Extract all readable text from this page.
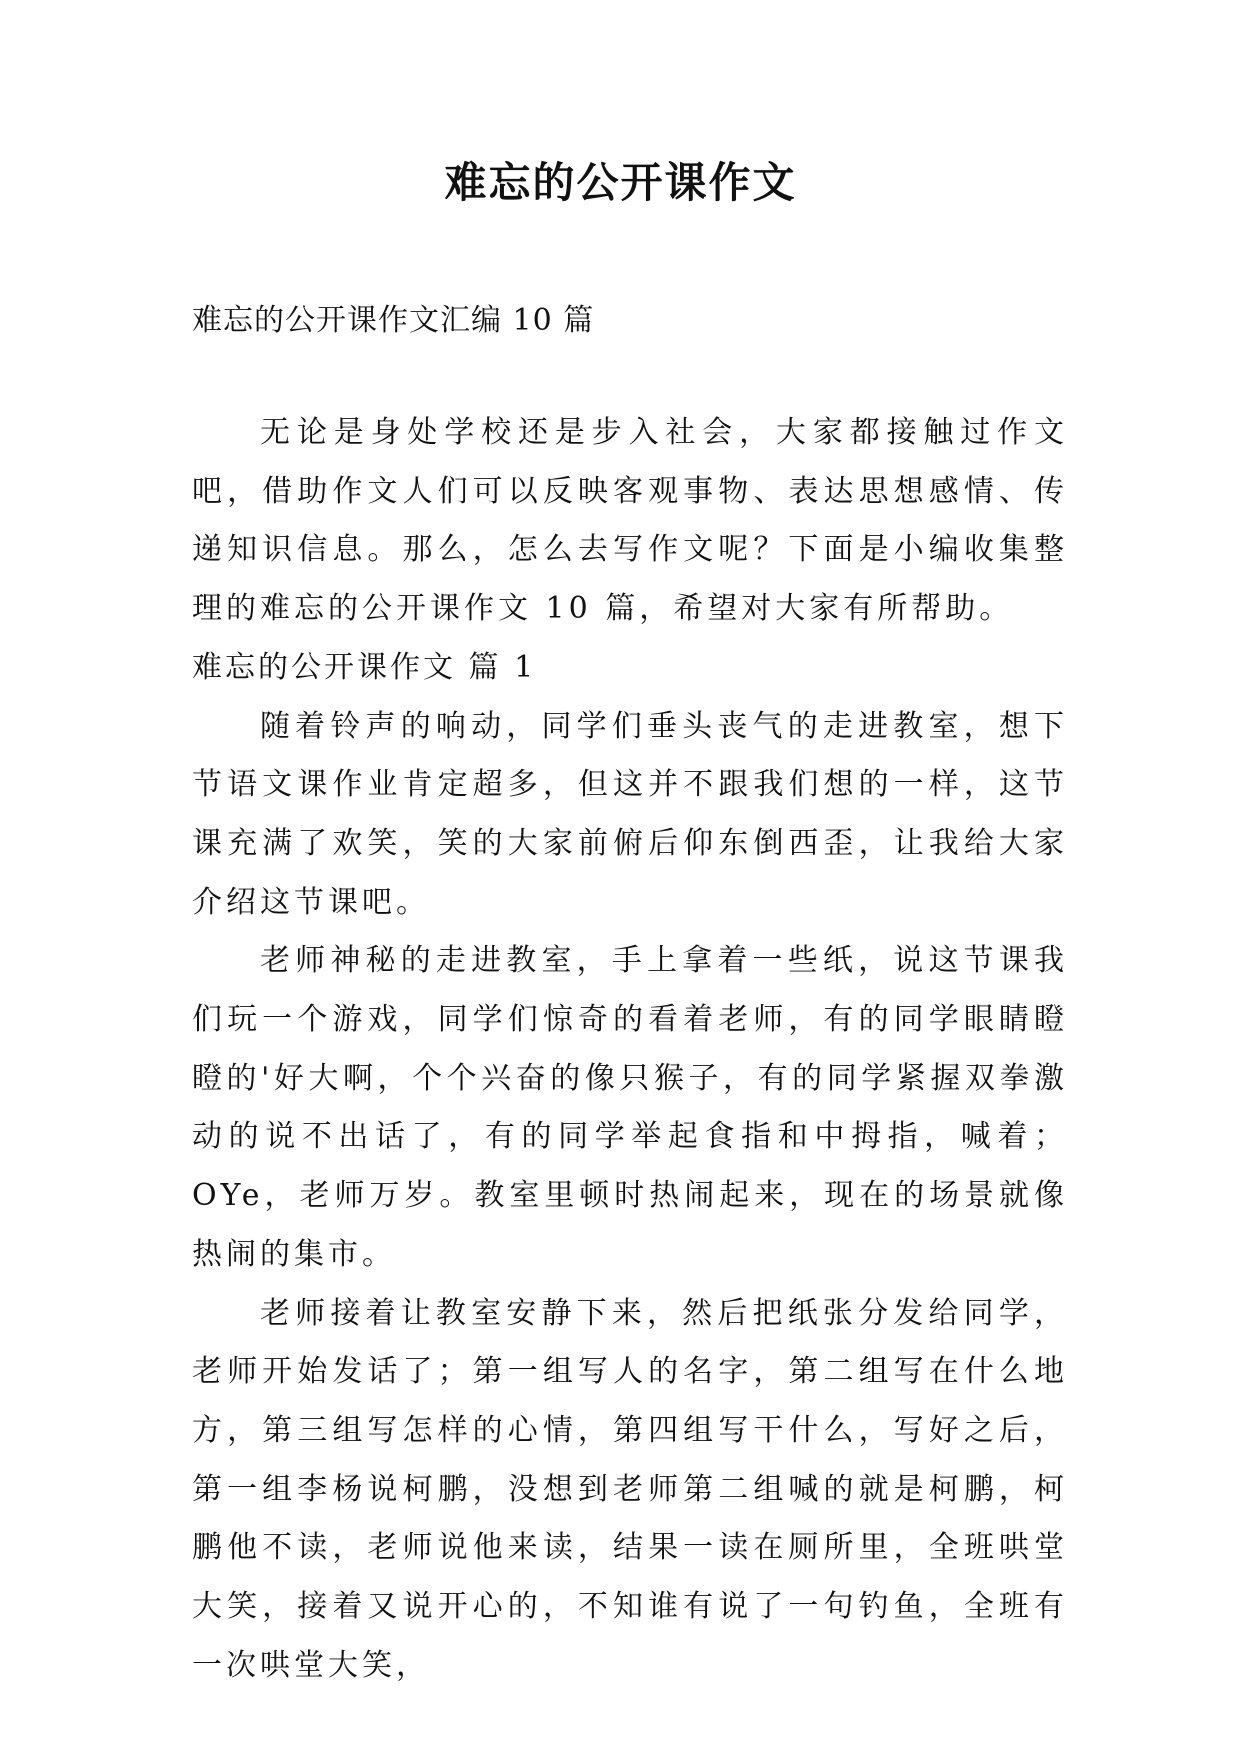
难忘的公开课作文

难忘的公开课作文汇编 10 篇

无论是身处学校还是步入社会，大家都接触过作文吧，借助作文人们可以反映客观事物、表达思想感情、传递知识信息。那么，怎么去写作文呢？下面是小编收集整理的难忘的公开课作文 10 篇，希望对大家有所帮助。

难忘的公开课作文 篇 1

随着铃声的响动，同学们垂头丧气的走进教室，想下节语文课作业肯定超多，但这并不跟我们想的一样，这节课充满了欢笑，笑的大家前俯后仰东倒西歪，让我给大家介绍这节课吧。

老师神秘的走进教室，手上拿着一些纸，说这节课我们玩一个游戏，同学们惊奇的看着老师，有的同学眼睛瞪瞪的'好大啊，个个兴奋的像只猴子，有的同学紧握双拳激动的说不出话了，有的同学举起食指和中拇指，喊着；OYe，老师万岁。教室里顿时热闹起来，现在的场景就像热闹的集市。

老师接着让教室安静下来，然后把纸张分发给同学，老师开始发话了；第一组写人的名字，第二组写在什么地方，第三组写怎样的心情，第四组写干什么，写好之后，第一组李杨说柯鹏，没想到老师第二组喊的就是柯鹏，柯鹏他不读，老师说他来读，结果一读在厕所里，全班哄堂大笑，接着又说开心的，不知谁有说了一句钓鱼，全班有一次哄堂大笑，
